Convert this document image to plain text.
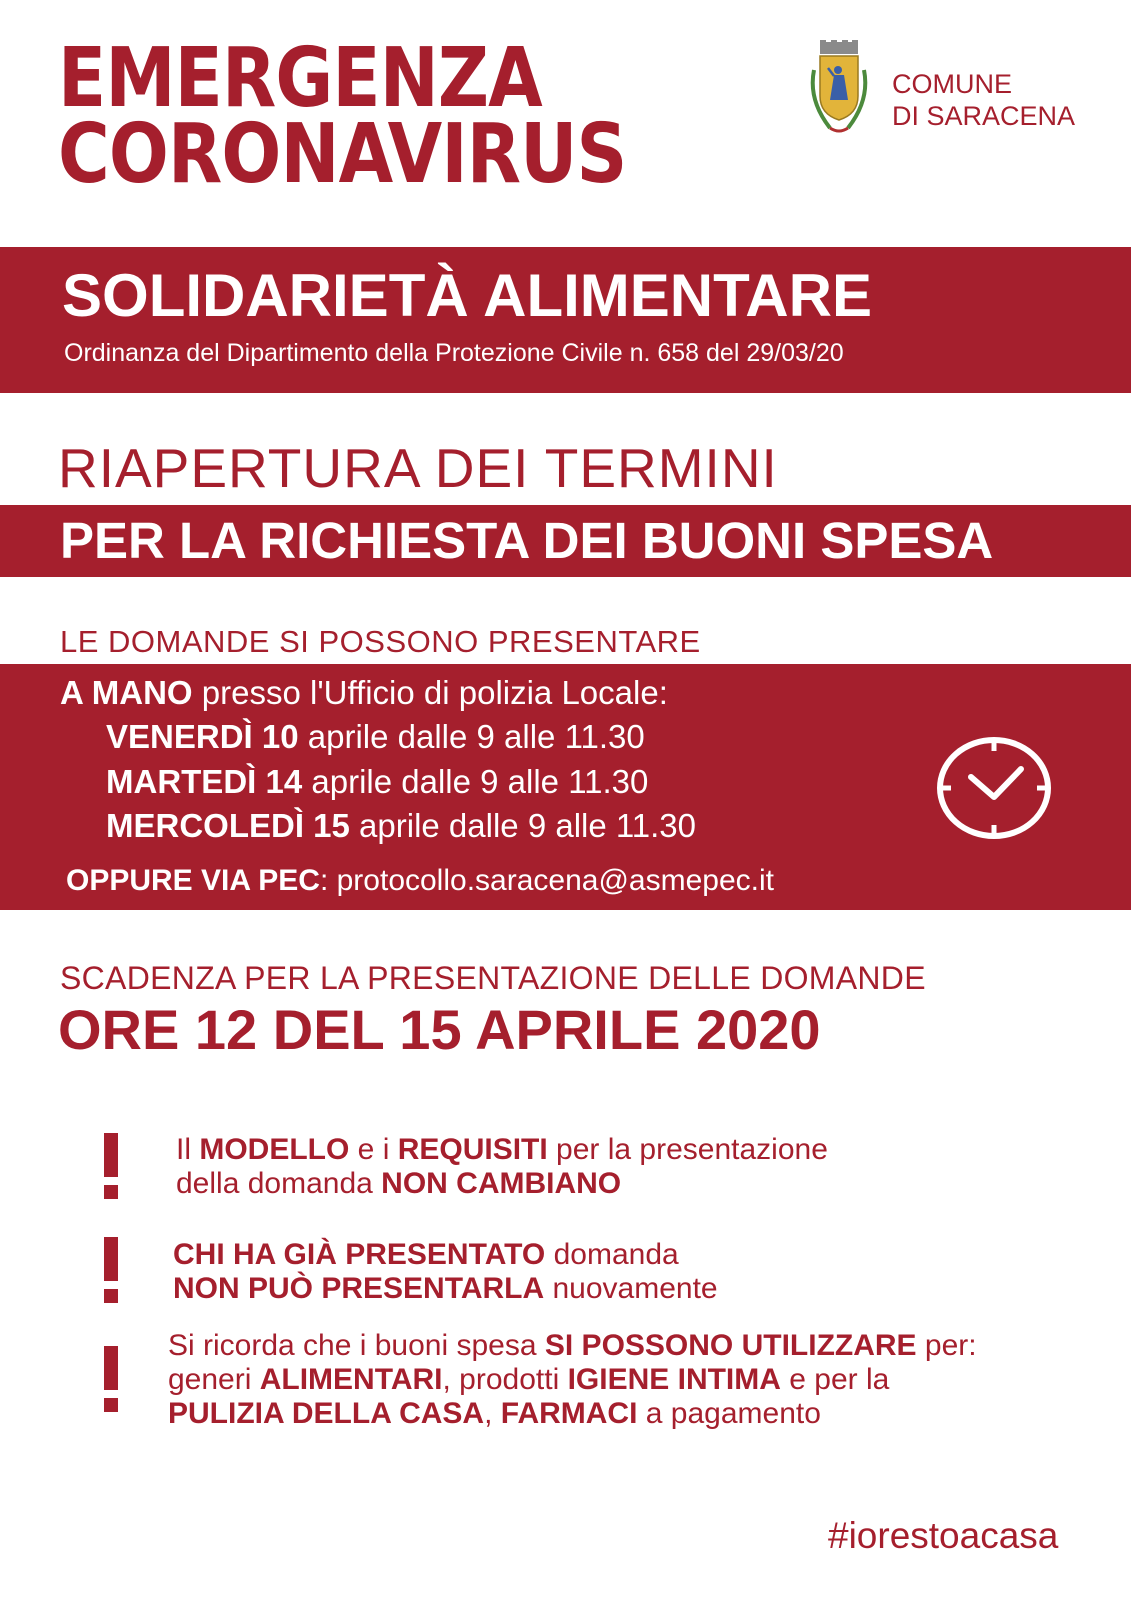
EMERGENZA
CORONAVIRUS
COMUNE
DI SARACENA
SOLIDARIETÀ ALIMENTARE
Ordinanza del Dipartimento della Protezione Civile n. 658 del 29/03/20
RIAPERTURA DEI TERMINI
PER LA RICHIESTA DEI BUONI SPESA
LE DOMANDE SI POSSONO PRESENTARE
A MANO presso l'Ufficio di polizia Locale:
VENERDÌ 10 aprile dalle 9 alle 11.30
MARTEDÌ 14 aprile dalle 9 alle 11.30
MERCOLEDÌ 15 aprile dalle 9 alle 11.30
OPPURE VIA PEC: protocollo.saracena@asmepec.it
SCADENZA PER LA PRESENTAZIONE DELLE DOMANDE
ORE 12 DEL 15 APRILE 2020
Il MODELLO e i REQUISITI per la presentazione
della domanda NON CAMBIANO
CHI HA GIÀ PRESENTATO domanda
NON PUÒ PRESENTARLA nuovamente
Si ricorda che i buoni spesa SI POSSONO UTILIZZARE per:
generi ALIMENTARI, prodotti IGIENE INTIMA e per la
PULIZIA DELLA CASA, FARMACI a pagamento
#iorestoacasa
